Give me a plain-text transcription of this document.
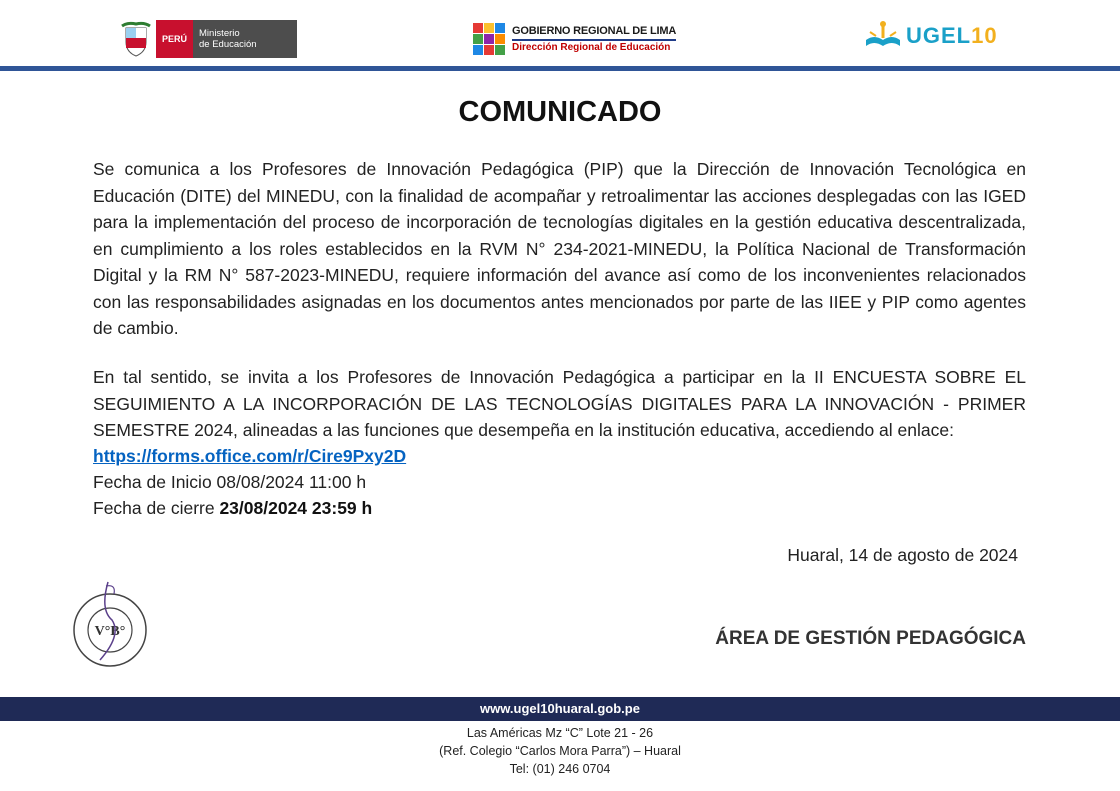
PERÚ	Ministerio
de Educación
GOBIERNO REGIONAL DE LIMA
Dirección Regional de Educación	UGEL10
COMUNICADO
Se comunica a los Profesores de Innovación Pedagógica (PIP) que la Dirección de Innovación Tecnológica en Educación (DITE) del MINEDU, con la finalidad de acompañar y retroalimentar las acciones desplegadas con las IGED para la implementación del proceso de incorporación de tecnologías digitales en la gestión educativa descentralizada, en cumplimiento a los roles establecidos en la RVM N° 234-2021-MINEDU, la Política Nacional de Transformación Digital y la RM N° 587-2023-MINEDU, requiere información del avance así como de los inconvenientes relacionados con las responsabilidades asignadas en los documentos antes mencionados por parte de las IIEE y PIP como agentes de cambio.
En tal sentido, se invita a los Profesores de Innovación Pedagógica a participar en la II ENCUESTA SOBRE EL SEGUIMIENTO A LA INCORPORACIÓN DE LAS TECNOLOGÍAS DIGITALES PARA LA INNOVACIÓN - PRIMER SEMESTRE 2024, alineadas a las funciones que desempeña en la institución educativa, accediendo al enlace:
https://forms.office.com/r/Cire9Pxy2D
Fecha de Inicio 08/08/2024 11:00 h
Fecha de cierre 23/08/2024 23:59 h
Huaral, 14 de agosto de 2024
V°B°	ÁREA DE GESTIÓN PEDAGÓGICA
www.ugel10huaral.gob.pe
Las Américas Mz “C” Lote 21 - 26
(Ref. Colegio “Carlos Mora Parra”) – Huaral
Tel: (01) 246 0704
